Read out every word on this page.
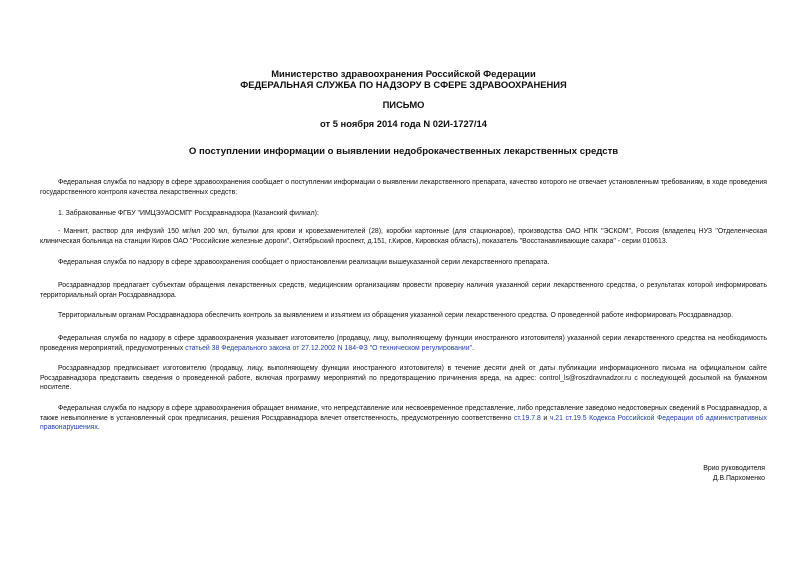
Министерство здравоохранения Российской Федерации
ФЕДЕРАЛЬНАЯ СЛУЖБА ПО НАДЗОРУ В СФЕРЕ ЗДРАВООХРАНЕНИЯ
ПИСЬМО
от 5 ноября 2014 года N 02И-1727/14
О поступлении информации о выявлении недоброкачественных лекарственных средств

Федеральная служба по надзору в сфере здравоохранения сообщает о поступлении информации о выявлении лекарственного препарата, качество которого не отвечает установленным требованиям, в ходе проведения государственного контроля качества лекарственных средств:

1. Забракованные ФГБУ "ИМЦЭУАОСМП" Росздравнадзора (Казанский филиал):

- Маннит, раствор для инфузий 150 мг/мл 200 мл, бутылки для крови и кровезаменителей (28), коробки картонные (для стационаров), производства ОАО НПК "ЭСКОМ", Россия (владелец НУЗ "Отделенческая клиническая больница на станции Киров ОАО "Российские железные дороги", Октябрьский проспект, д.151, г.Киров, Кировская область), показатель "Восстанавливающие сахара" - серии 010613.

Федеральная служба по надзору в сфере здравоохранения сообщает о приостановлении реализации вышеуказанной серии лекарственного препарата.

Росздравнадзор предлагает субъектам обращения лекарственных средств, медицинским организациям провести проверку наличия указанной серии лекарственного средства, о результатах которой информировать территориальный орган Росздравнадзора.

Территориальным органам Росздравнадзора обеспечить контроль за выявлением и изъятием из обращения указанной серии лекарственного средства. О проведенной работе информировать Росздравнадзор.

Федеральная служба по надзору в сфере здравоохранения указывает изготовителю (продавцу, лицу, выполняющему функции иностранного изготовителя) указанной серии лекарственного средства на необходимость проведения мероприятий, предусмотренных статьей 38 Федерального закона от 27.12.2002 N 184-ФЗ "О техническом регулировании".

Росздравнадзор предписывает изготовителю (продавцу, лицу, выполняющему функции иностранного изготовителя) в течение десяти дней от даты публикации информационного письма на официальном сайте Росздравнадзора представить сведения о проведенной работе, включая программу мероприятий по предотвращению причинения вреда, на адрес: control_ls@roszdravnadzor.ru с последующей досылкой на бумажном носителе.

Федеральная служба по надзору в сфере здравоохранения обращает внимание, что непредставление или несвоевременное представление, либо представление заведомо недостоверных сведений в Росздравнадзор, а также невыполнение в установленный срок предписания, решения Росздравнадзора влечет ответственность, предусмотренную соответственно ст.19.7.8 и ч.21 ст.19.5 Кодекса Российской Федерации об административных правонарушениях.

Врио руководителя
Д.В.Пархоменко
